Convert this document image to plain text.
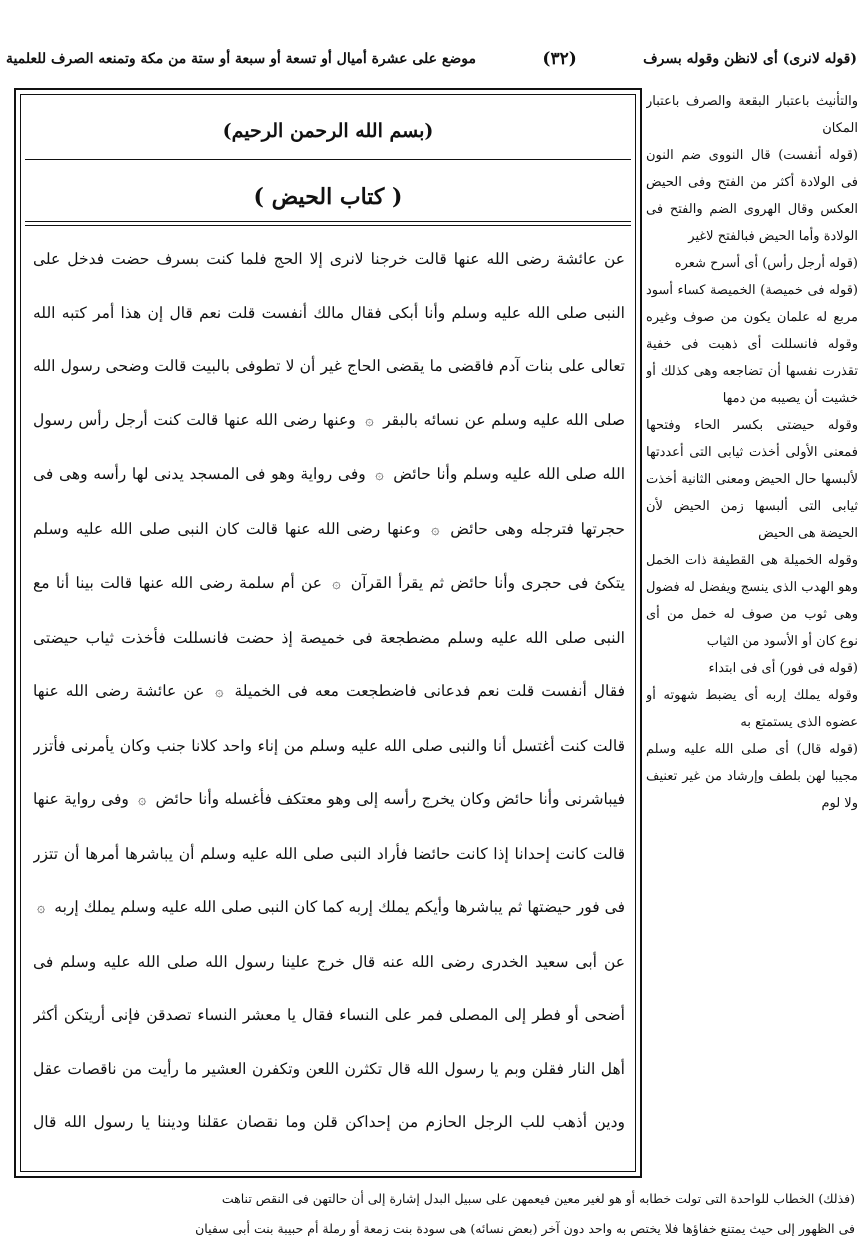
(قوله لانرى) أى لانظن وقوله بسرف
(٣٢)
موضع على عشرة أميال أو تسعة أو سبعة أو ستة من مكة وتمنعه الصرف للعلمية

والتأنيث باعتبار البقعة والصرف باعتبار المكان

(قوله أنفست) قال النووى ضم النون فى الولادة أكثر من الفتح وفى الحيض العكس وقال الهروى الضم والفتح فى الولادة وأما الحيض فبالفتح لاغير

(قوله أرجل رأس) أى أسرح شعره

(قوله فى خميصة) الخميصة كساء أسود مربع له علمان يكون من صوف وغيره وقوله فانسللت أى ذهبت فى خفية تقذرت نفسها أن تضاجعه وهى كذلك أو خشيت أن يصيبه من دمها

وقوله حيضتى بكسر الحاء وفتحها فمعنى الأولى أخذت ثيابى التى أعددتها لألبسها حال الحيض ومعنى الثانية أخذت ثيابى التى ألبسها زمن الحيض لأن الحيضة هى الحيض

وقوله الخميلة هى القطيفة ذات الخمل وهو الهدب الذى ينسج ويفضل له فضول وهى ثوب من صوف له خمل من أى نوع كان أو الأسود من الثياب

(قوله فى فور) أى فى ابتداء

وقوله يملك إربه أى يضبط شهوته أو عضوه الذى يستمتع به

(قوله قال) أى صلى الله عليه وسلم مجيبا لهن بلطف وإرشاد من غير تعنيف ولا لوم

(بسم الله الرحمن الرحيم)
( كتاب الحيض )

عن عائشة رضى الله عنها قالت خرجنا لانرى إلا الحج فلما كنت بسرف حضت فدخل على النبى صلى الله عليه وسلم وأنا أبكى فقال مالك أنفست قلت نعم قال إن هذا أمر كتبه الله تعالى على بنات آدم فاقضى ما يقضى الحاج غير أن لا تطوفى بالبيت قالت وضحى رسول الله صلى الله عليه وسلم عن نسائه بالبقر ۞ وعنها رضى الله عنها قالت كنت أرجل رأس رسول الله صلى الله عليه وسلم وأنا حائض ۞ وفى رواية وهو فى المسجد يدنى لها رأسه وهى فى حجرتها فترجله وهى حائض ۞ وعنها رضى الله عنها قالت كان النبى صلى الله عليه وسلم يتكئ فى حجرى وأنا حائض ثم يقرأ القرآن ۞ عن أم سلمة رضى الله عنها قالت بينا أنا مع النبى صلى الله عليه وسلم مضطجعة فى خميصة إذ حضت فانسللت فأخذت ثياب حيضتى فقال أنفست قلت نعم فدعانى فاضطجعت معه فى الخميلة ۞ عن عائشة رضى الله عنها قالت كنت أغتسل أنا والنبى صلى الله عليه وسلم من إناء واحد كلانا جنب وكان يأمرنى فأتزر فيباشرنى وأنا حائض وكان يخرج رأسه إلى وهو معتكف فأغسله وأنا حائض ۞ وفى رواية عنها قالت كانت إحدانا إذا كانت حائضا فأراد النبى صلى الله عليه وسلم أن يباشرها أمرها أن تتزر فى فور حيضتها ثم يباشرها وأيكم يملك إربه كما كان النبى صلى الله عليه وسلم يملك إربه ۞ عن أبى سعيد الخدرى رضى الله عنه قال خرج علينا رسول الله صلى الله عليه وسلم فى أضحى أو فطر إلى المصلى فمر على النساء فقال يا معشر النساء تصدقن فإنى أريتكن أكثر أهل النار فقلن وبم يا رسول الله قال تكثرن اللعن وتكفرن العشير ما رأيت من ناقصات عقل ودين أذهب للب الرجل الحازم من إحداكن قلن وما نقصان عقلنا وديننا يا رسول الله قال

(فذلك) الخطاب للواحدة التى تولت خطابه أو هو لغير معين فيعمهن على سبيل البدل إشارة إلى أن حالتهن فى النقص تناهت

فى الظهور إلى حيث يمتنع خفاؤها فلا يختص به واحد دون آخر (بعض نسائه) هى سودة بنت زمعة أو رملة أم حبيبة بنت أبى سفيان
